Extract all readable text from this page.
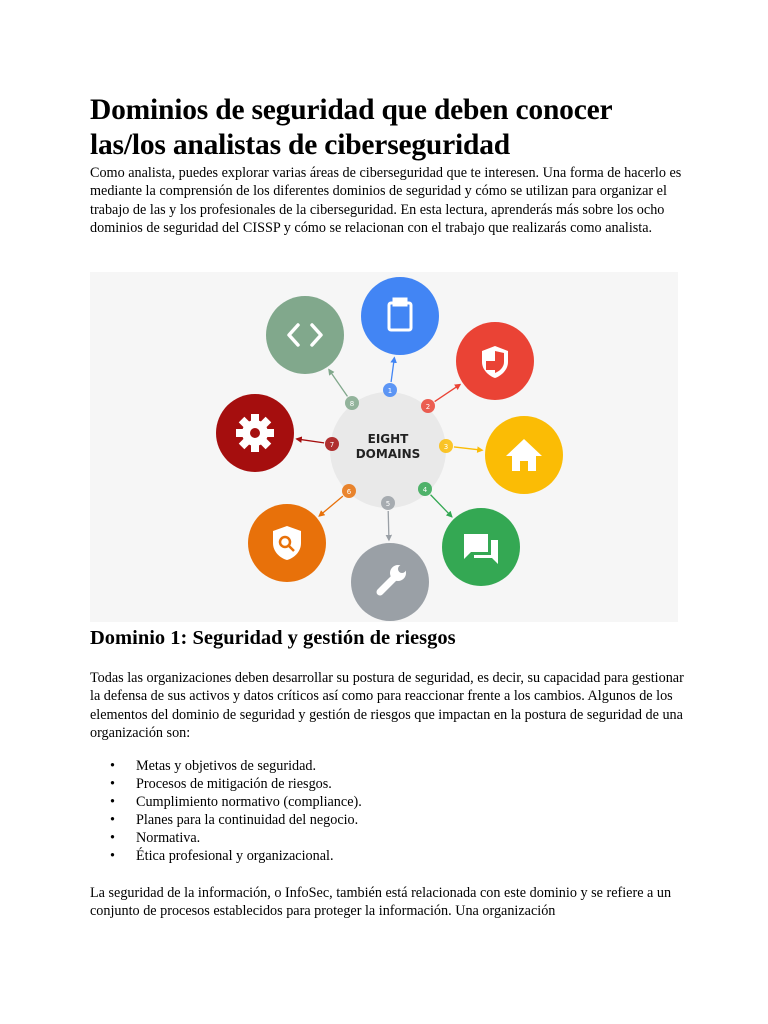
Dominios de seguridad que deben conocer las/los analistas de ciberseguridad

Como analista, puedes explorar varias áreas de ciberseguridad que te interesen. Una forma de hacerlo es mediante la comprensión de los diferentes dominios de seguridad y cómo se utilizan para organizar el trabajo de las y los profesionales de la ciberseguridad. En esta lectura, aprenderás más sobre los ocho dominios de seguridad del CISSP y cómo se relacionan con el trabajo que realizarás como analista.

EIGHT
DOMAINS
1
2
3
4
5
6
7
8
Dominio 1: Seguridad y gestión de riesgos

Todas las organizaciones deben desarrollar su postura de seguridad, es decir, su capacidad para gestionar la defensa de sus activos y datos críticos así como para reaccionar frente a los cambios. Algunos de los elementos del dominio de seguridad y gestión de riesgos que impactan en la postura de seguridad de una organización son:

• Metas y objetivos de seguridad.
• Procesos de mitigación de riesgos.
• Cumplimiento normativo (compliance).
• Planes para la continuidad del negocio.
• Normativa.
• Ética profesional y organizacional.

La seguridad de la información, o InfoSec, también está relacionada con este dominio y se refiere a un conjunto de procesos establecidos para proteger la información. Una organización
